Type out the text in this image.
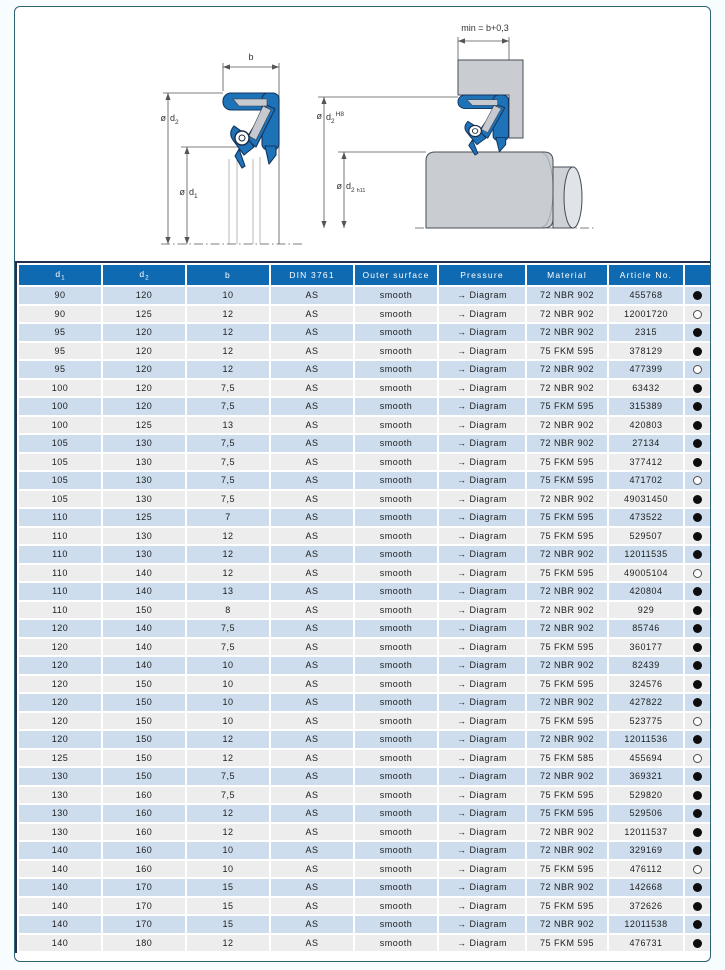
b
min = b+0,3
ø $d_2$
ø $d_1$
ø $d_2^{H8}$
ø $d_2$ $_{h11}$
$d_1$	$d_2$	b	DIN 3761	Outer surface	Pressure	Material	Article No.	
90	120	10	AS	smooth	→ Diagram	72 NBR 902	455768	
90	125	12	AS	smooth	→ Diagram	72 NBR 902	12001720	
95	120	12	AS	smooth	→ Diagram	72 NBR 902	2315	
95	120	12	AS	smooth	→ Diagram	75 FKM 595	378129	
95	120	12	AS	smooth	→ Diagram	72 NBR 902	477399	
100	120	7,5	AS	smooth	→ Diagram	72 NBR 902	63432	
100	120	7,5	AS	smooth	→ Diagram	75 FKM 595	315389	
100	125	13	AS	smooth	→ Diagram	72 NBR 902	420803	
105	130	7,5	AS	smooth	→ Diagram	72 NBR 902	27134	
105	130	7,5	AS	smooth	→ Diagram	75 FKM 595	377412	
105	130	7,5	AS	smooth	→ Diagram	75 FKM 595	471702	
105	130	7,5	AS	smooth	→ Diagram	72 NBR 902	49031450	
110	125	7	AS	smooth	→ Diagram	75 FKM 595	473522	
110	130	12	AS	smooth	→ Diagram	75 FKM 595	529507	
110	130	12	AS	smooth	→ Diagram	72 NBR 902	12011535	
110	140	12	AS	smooth	→ Diagram	75 FKM 595	49005104	
110	140	13	AS	smooth	→ Diagram	72 NBR 902	420804	
110	150	8	AS	smooth	→ Diagram	72 NBR 902	929	
120	140	7,5	AS	smooth	→ Diagram	72 NBR 902	85746	
120	140	7,5	AS	smooth	→ Diagram	75 FKM 595	360177	
120	140	10	AS	smooth	→ Diagram	72 NBR 902	82439	
120	150	10	AS	smooth	→ Diagram	75 FKM 595	324576	
120	150	10	AS	smooth	→ Diagram	72 NBR 902	427822	
120	150	10	AS	smooth	→ Diagram	75 FKM 595	523775	
120	150	12	AS	smooth	→ Diagram	72 NBR 902	12011536	
125	150	12	AS	smooth	→ Diagram	75 FKM 585	455694	
130	150	7,5	AS	smooth	→ Diagram	72 NBR 902	369321	
130	160	7,5	AS	smooth	→ Diagram	75 FKM 595	529820	
130	160	12	AS	smooth	→ Diagram	75 FKM 595	529506	
130	160	12	AS	smooth	→ Diagram	72 NBR 902	12011537	
140	160	10	AS	smooth	→ Diagram	72 NBR 902	329169	
140	160	10	AS	smooth	→ Diagram	75 FKM 595	476112	
140	170	15	AS	smooth	→ Diagram	72 NBR 902	142668	
140	170	15	AS	smooth	→ Diagram	75 FKM 595	372626	
140	170	15	AS	smooth	→ Diagram	72 NBR 902	12011538	
140	180	12	AS	smooth	→ Diagram	75 FKM 595	476731	
